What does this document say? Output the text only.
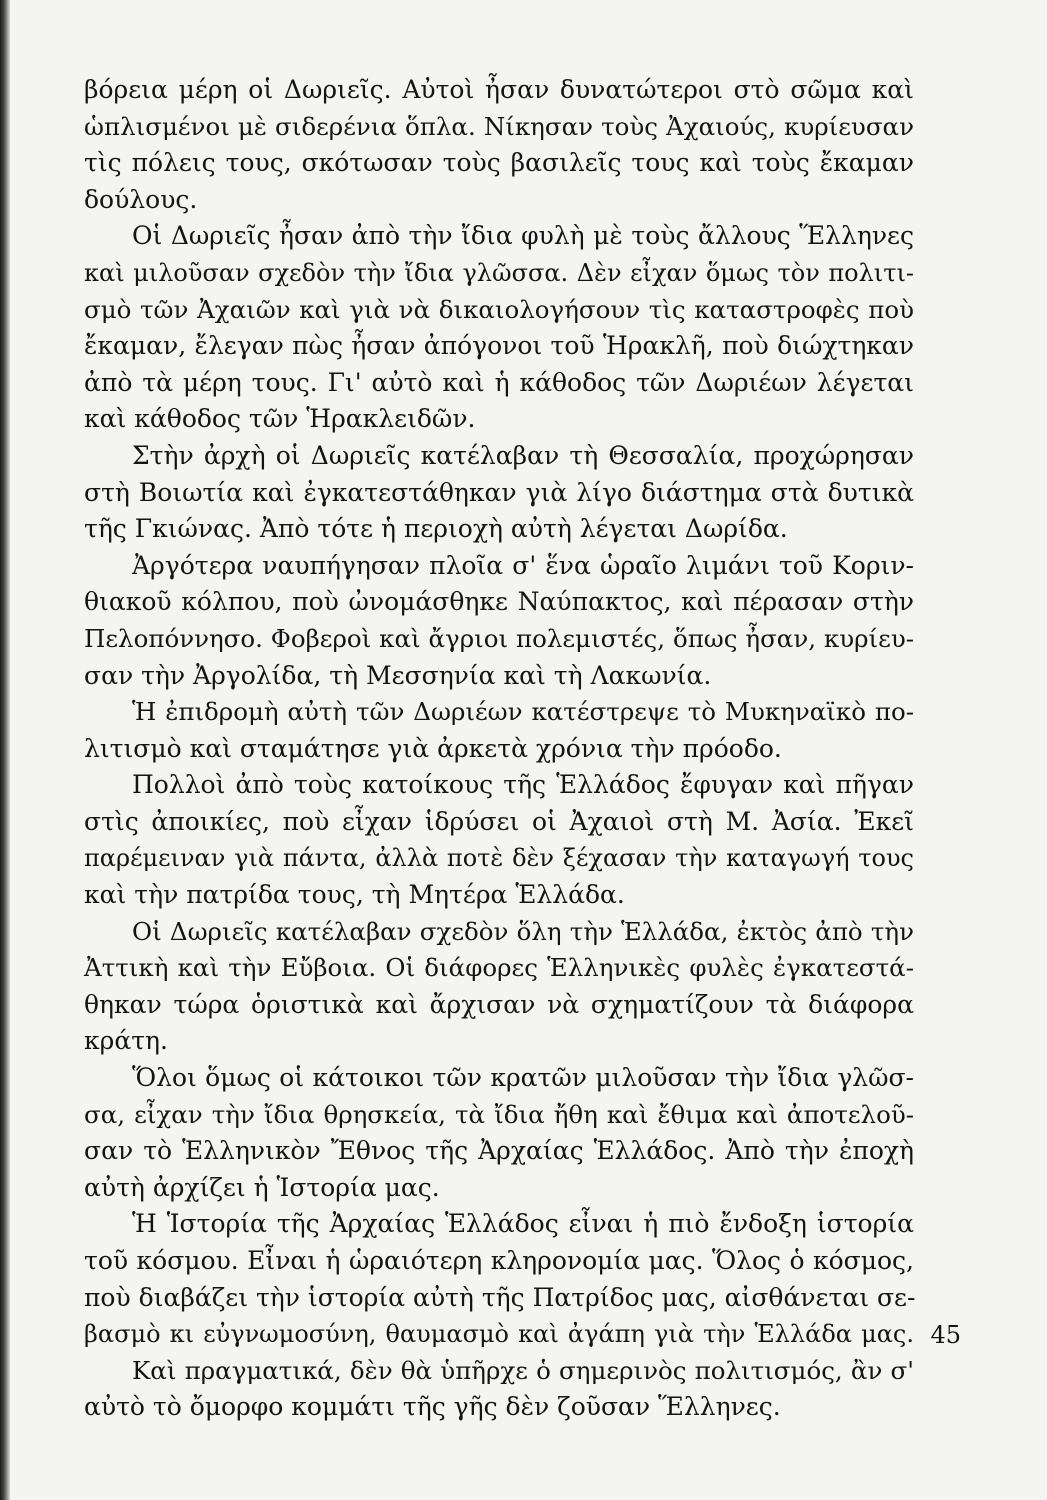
βόρεια μέρη οἱ Δωριεῖς. Αὐτοὶ ἦσαν δυνατώτεροι στὸ σῶμα καὶ
ὡπλισμένοι μὲ σιδερένια ὅπλα. Νίκησαν τοὺς Ἀχαιούς, κυρίευσαν
τὶς πόλεις τους, σκότωσαν τοὺς βασιλεῖς τους καὶ τοὺς ἔκαμαν
δούλους.
Οἱ Δωριεῖς ἦσαν ἀπὸ τὴν ἴδια φυλὴ μὲ τοὺς ἄλλους Ἕλληνες
καὶ μιλοῦσαν σχεδὸν τὴν ἴδια γλῶσσα. Δὲν εἶχαν ὅμως τὸν πολιτι-
σμὸ τῶν Ἀχαιῶν καὶ γιὰ νὰ δικαιολογήσουν τὶς καταστροφὲς ποὺ
ἔκαμαν, ἔλεγαν πὼς ἦσαν ἀπόγονοι τοῦ Ἡρακλῆ, ποὺ διώχτηκαν
ἀπὸ τὰ μέρη τους. Γι' αὐτὸ καὶ ἡ κάθοδος τῶν Δωριέων λέγεται
καὶ κάθοδος τῶν Ἡρακλειδῶν.
Στὴν ἀρχὴ οἱ Δωριεῖς κατέλαβαν τὴ Θεσσαλία, προχώρησαν
στὴ Βοιωτία καὶ ἐγκατεστάθηκαν γιὰ λίγο διάστημα στὰ δυτικὰ
τῆς Γκιώνας. Ἀπὸ τότε ἡ περιοχὴ αὐτὴ λέγεται Δωρίδα.
Ἀργότερα ναυπήγησαν πλοῖα σ' ἕνα ὡραῖο λιμάνι τοῦ Κοριν-
θιακοῦ κόλπου, ποὺ ὠνομάσθηκε Ναύπακτος, καὶ πέρασαν στὴν
Πελοπόννησο. Φοβεροὶ καὶ ἄγριοι πολεμιστές, ὅπως ἦσαν, κυρίευ-
σαν τὴν Ἀργολίδα, τὴ Μεσσηνία καὶ τὴ Λακωνία.
Ἡ ἐπιδρομὴ αὐτὴ τῶν Δωριέων κατέστρεψε τὸ Μυκηναϊκὸ πο-
λιτισμὸ καὶ σταμάτησε γιὰ ἀρκετὰ χρόνια τὴν πρόοδο.
Πολλοὶ ἀπὸ τοὺς κατοίκους τῆς Ἑλλάδος ἔφυγαν καὶ πῆγαν
στὶς ἀποικίες, ποὺ εἶχαν ἱδρύσει οἱ Ἀχαιοὶ στὴ Μ. Ἀσία. Ἐκεῖ
παρέμειναν γιὰ πάντα, ἀλλὰ ποτὲ δὲν ξέχασαν τὴν καταγωγή τους
καὶ τὴν πατρίδα τους, τὴ Μητέρα Ἑλλάδα.
Οἱ Δωριεῖς κατέλαβαν σχεδὸν ὅλη τὴν Ἑλλάδα, ἐκτὸς ἀπὸ τὴν
Ἀττικὴ καὶ τὴν Εὔβοια. Οἱ διάφορες Ἑλληνικὲς φυλὲς ἐγκατεστά-
θηκαν τώρα ὁριστικὰ καὶ ἄρχισαν νὰ σχηματίζουν τὰ διάφορα
κράτη.
Ὅλοι ὅμως οἱ κάτοικοι τῶν κρατῶν μιλοῦσαν τὴν ἴδια γλῶσ-
σα, εἶχαν τὴν ἴδια θρησκεία, τὰ ἴδια ἤθη καὶ ἔθιμα καὶ ἀποτελοῦ-
σαν τὸ Ἑλληνικὸν Ἔθνος τῆς Ἀρχαίας Ἑλλάδος. Ἀπὸ τὴν ἐποχὴ
αὐτὴ ἀρχίζει ἡ Ἱστορία μας.
Ἡ Ἱστορία τῆς Ἀρχαίας Ἑλλάδος εἶναι ἡ πιὸ ἔνδοξη ἱστορία
τοῦ κόσμου. Εἶναι ἡ ὡραιότερη κληρονομία μας. Ὅλος ὁ κόσμος,
ποὺ διαβάζει τὴν ἱστορία αὐτὴ τῆς Πατρίδος μας, αἰσθάνεται σε-
βασμὸ κι εὐγνωμοσύνη, θαυμασμὸ καὶ ἀγάπη γιὰ τὴν Ἑλλάδα μας.
Καὶ πραγματικά, δὲν θὰ ὑπῆρχε ὁ σημερινὸς πολιτισμός, ἂν σ'
αὐτὸ τὸ ὄμορφο κομμάτι τῆς γῆς δὲν ζοῦσαν Ἕλληνες.
45
